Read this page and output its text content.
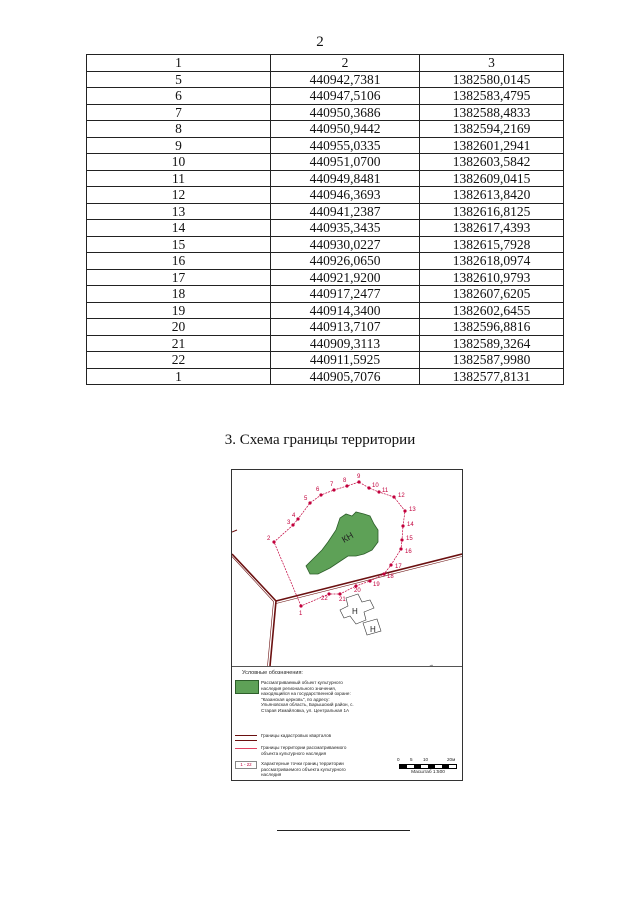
2
1	2	3
5	440942,7381	1382580,0145
6	440947,5106	1382583,4795
7	440950,3686	1382588,4833
8	440950,9442	1382594,2169
9	440955,0335	1382601,2941
10	440951,0700	1382603,5842
11	440949,8481	1382609,0415
12	440946,3693	1382613,8420
13	440941,2387	1382616,8125
14	440935,3435	1382617,4393
15	440930,0227	1382615,7928
16	440926,0650	1382618,0974
17	440921,9200	1382610,9793
18	440917,2477	1382607,6205
19	440914,3400	1382602,6455
20	440913,7107	1382596,8816
21	440909,3113	1382589,3264
22	440911,5925	1382587,9980
1	440905,7076	1382577,8131
3. Схема границы территории
КН
1
2
3
4
5
6
7
8
9
10
11
12
13
14
15
16
17
18
19
20
21
22
Н
Н
Условные обозначения:
Рассматриваемый объект культурного наследия регионального значения, находящийся на государственной охране: "Казанская церковь", по адресу: Ульяновская область, Барышский район, с. Старая Измайловка, ул. Центральная 1А
Границы кадастровых кварталов
Границы территории рассматриваемого объекта культурного наследия
1 - 22	Характерные точки границ территории рассматриваемого объекта культурного наследия
0 5 10	20м
Масштаб 1:500
